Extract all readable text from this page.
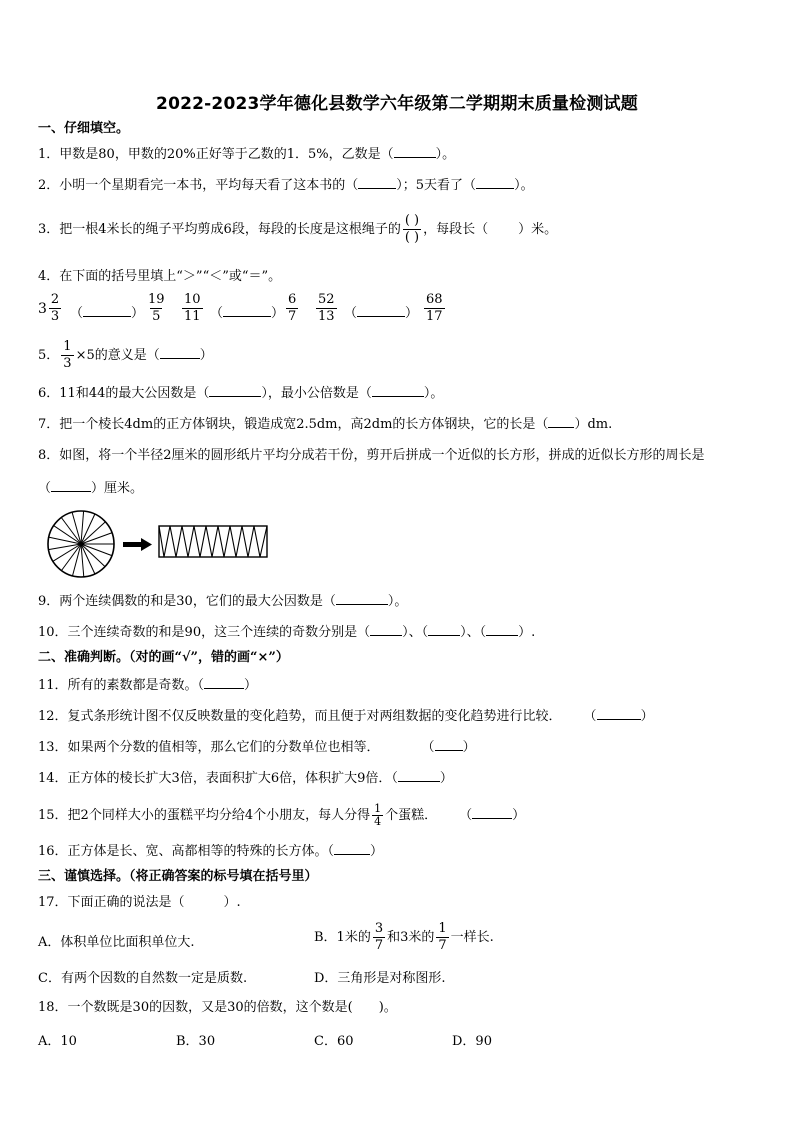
2022-2023学年德化县数学六年级第二学期期末质量检测试题
一、仔细填空。
1．甲数是80，甲数的20%正好等于乙数的1．5%，乙数是（	）。
2．小明一个星期看完一本书，平均每天看了这本书的（	）；5天看了（	）。
3．把一根4米长的绳子平均剪成6段，每段的长度是这根绳子的 $\frac{( )}{( )}$ ，每段长（ ）米。
4．在下面的括号里填上“＞”“＜”或“＝”。
$3 \frac{2}{3}$ （	） $\frac{19}{5} \frac{10}{11}$ （	） $\frac{6}{7} \frac{52}{13}$ （	） $\frac{68}{17}$
5． $\frac{1}{3} \times 5$的意义是（	）
6．11和44的最大公因数是（	），最小公倍数是（	）。
7．把一个棱长4dm的正方体钢块，锻造成宽2.5dm，高2dm的长方体钢块，它的长是（ ）dm.
8．如图，将一个半径2厘米的圆形纸片平均分成若干份，剪开后拼成一个近似的长方形，拼成的近似长方形的周长是
（	）厘米。
9．两个连续偶数的和是30，它们的最大公因数是（	）。
10．三个连续奇数的和是90，这三个连续的奇数分别是（ ）、（ ）、（ ）.
二、准确判断。（对的画“√”，错的画“×”）
11．所有的素数都是奇数。（	）
12．复式条形统计图不仅反映数量的变化趋势，而且便于对两组数据的变化趋势进行比较． （	）
13．如果两个分数的值相等，那么它们的分数单位也相等．	（ ）
14．正方体的棱长扩大3倍，表面积扩大6倍，体积扩大9倍．（	）
15．把2个同样大小的蛋糕平均分给4个小朋友，每人分得 $\frac{1}{4}$ 个蛋糕． （	）
16．正方体是长、宽、高都相等的特殊的长方体。（	）
三、谨慎选择。（将正确答案的标号填在括号里）
17．下面正确的说法是（　　　）.
A．体积单位比面积单位大.	B．1米的 $\frac{3}{7}$ 和3米的 $\frac{1}{7}$ 一样长.
C．有两个因数的自然数一定是质数.	D．三角形是对称图形.
18．一个数既是30的因数，又是30的倍数，这个数是(　　)。
A．10	B．30	C．60	D．90
